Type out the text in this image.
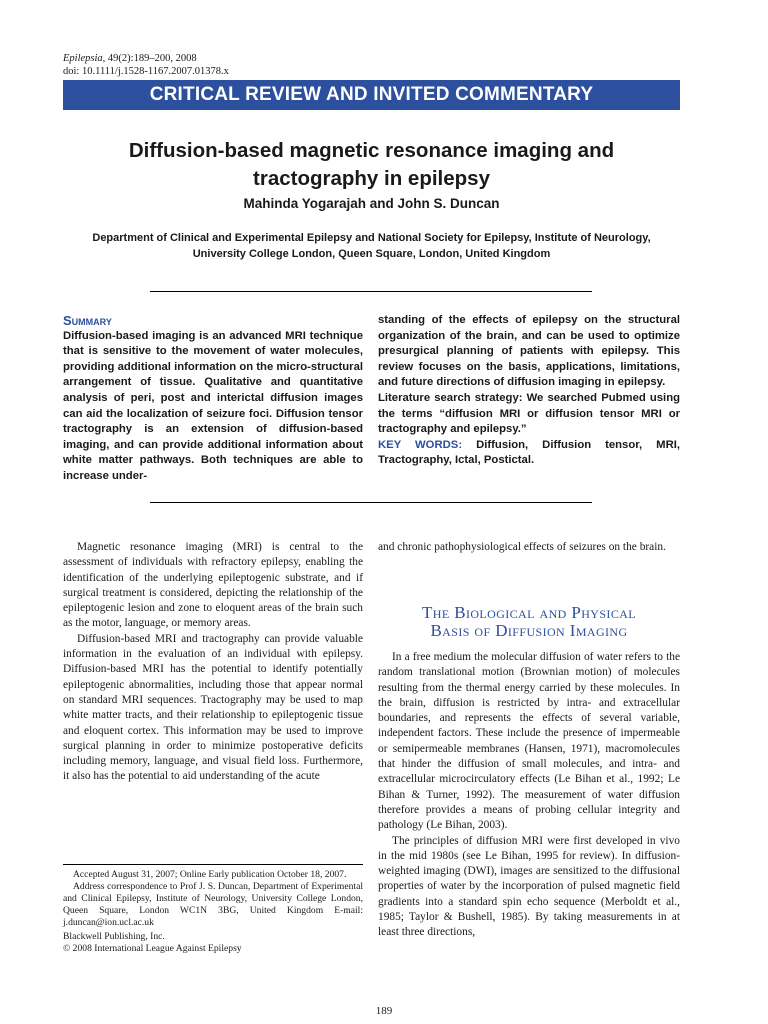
Epilepsia, 49(2):189–200, 2008
doi: 10.1111/j.1528-1167.2007.01378.x
CRITICAL REVIEW AND INVITED COMMENTARY
Diffusion-based magnetic resonance imaging and
tractography in epilepsy
Mahinda Yogarajah and John S. Duncan
Department of Clinical and Experimental Epilepsy and National Society for Epilepsy, Institute of Neurology,
University College London, Queen Square, London, United Kingdom
Summary
Diffusion-based imaging is an advanced MRI technique that is sensitive to the movement of water molecules, providing additional information on the micro-structural arrangement of tissue. Qualitative and quantitative analysis of peri, post and interictal diffusion images can aid the localization of seizure foci. Diffusion tensor tractography is an extension of diffusion-based imaging, and can provide additional information about white matter pathways. Both techniques are able to increase under-
standing of the effects of epilepsy on the structural organization of the brain, and can be used to optimize presurgical planning of patients with epilepsy. This review focuses on the basis, applications, limitations, and future directions of diffusion imaging in epilepsy.
Literature search strategy: We searched Pubmed using the terms “diffusion MRI or diffusion tensor MRI or tractography and epilepsy.”
KEY WORDS: Diffusion, Diffusion tensor, MRI, Tractography, Ictal, Postictal.

Magnetic resonance imaging (MRI) is central to the assessment of individuals with refractory epilepsy, enabling the identification of the underlying epileptogenic substrate, and if surgical treatment is considered, depicting the relationship of the epileptogenic lesion and zone to eloquent areas of the brain such as the motor, language, or memory areas.

Diffusion-based MRI and tractography can provide valuable information in the evaluation of an individual with epilepsy. Diffusion-based MRI has the potential to identify potentially epileptogenic abnormalities, including those that appear normal on standard MRI sequences. Tractography may be used to map white matter tracts, and their relationship to epileptogenic tissue and eloquent cortex. This information may be used to improve surgical planning in order to minimize postoperative deficits including memory, language, and visual field loss. Furthermore, it also has the potential to aid understanding of the acute

and chronic pathophysiological effects of seizures on the brain.

The Biological and Physical
Basis of Diffusion Imaging

In a free medium the molecular diffusion of water refers to the random translational motion (Brownian motion) of molecules resulting from the thermal energy carried by these molecules. In the brain, diffusion is restricted by intra- and extracellular boundaries, and represents the effects of several variable, independent factors. These include the presence of impermeable or semipermeable membranes (Hansen, 1971), macromolecules that hinder the diffusion of small molecules, and intra- and extracellular microcirculatory effects (Le Bihan et al., 1992; Le Bihan & Turner, 1992). The measurement of water diffusion therefore provides a means of probing cellular integrity and pathology (Le Bihan, 2003).

The principles of diffusion MRI were first developed in vivo in the mid 1980s (see Le Bihan, 1995 for review). In diffusion-weighted imaging (DWI), images are sensitized to the diffusional properties of water by the incorporation of pulsed magnetic field gradients into a standard spin echo sequence (Merboldt et al., 1985; Taylor & Bushell, 1985). By taking measurements in at least three directions,

Accepted August 31, 2007; Online Early publication October 18, 2007.

Address correspondence to Prof J. S. Duncan, Department of Experimental and Clinical Epilepsy, Institute of Neurology, University College London, Queen Square, London WC1N 3BG, United Kingdom E-mail: j.duncan@ion.ucl.ac.uk

Blackwell Publishing, Inc.

© 2008 International League Against Epilepsy

189
